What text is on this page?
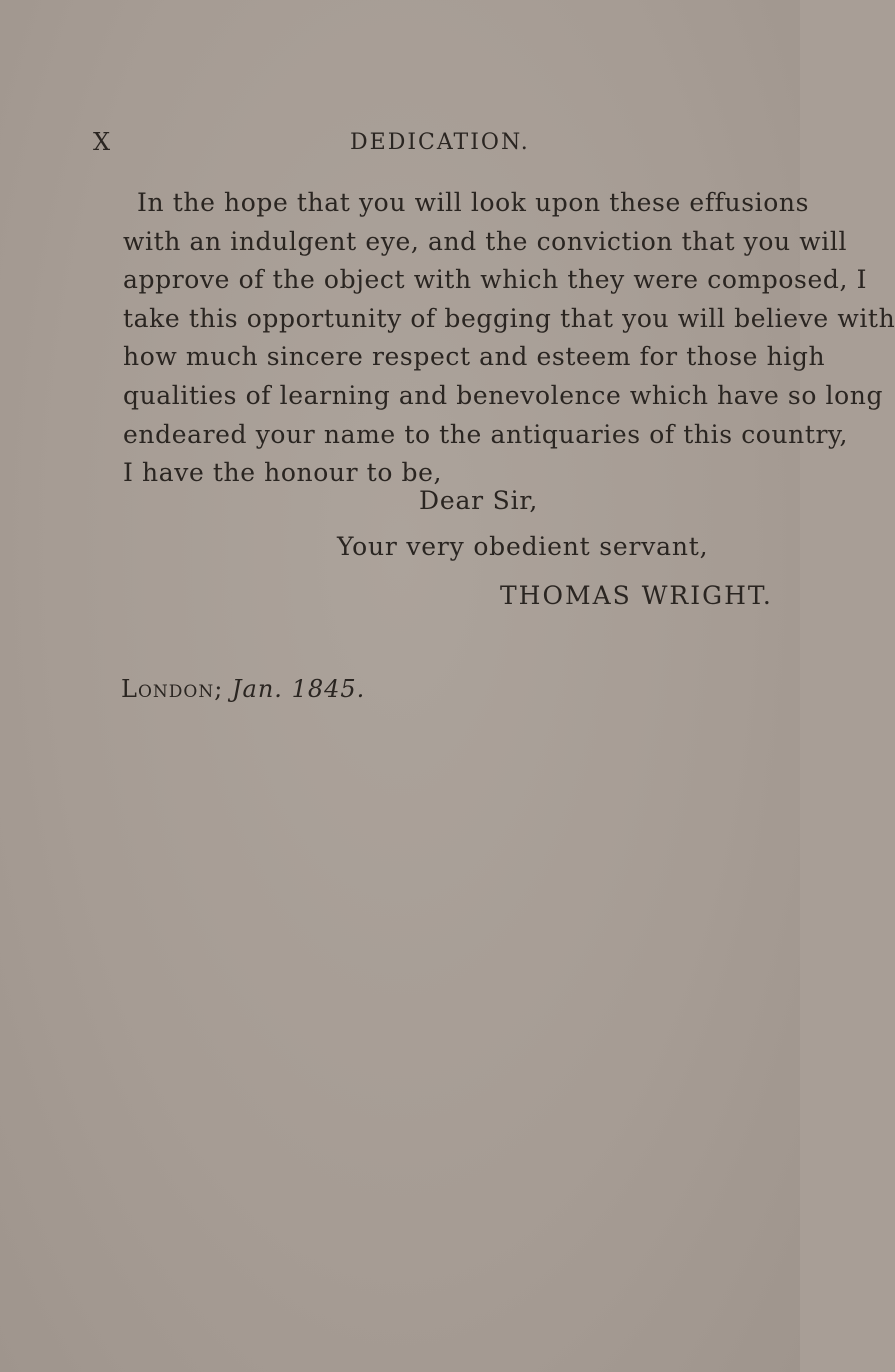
X	DEDICATION.
In the hope that you will look upon these effusions
with an indulgent eye, and the conviction that you will
approve of the object with which they were composed, I
take this opportunity of begging that you will believe with
how much sincere respect and esteem for those high
qualities of learning and benevolence which have so long
endeared your name to the antiquaries of this country,
I have the honour to be,
Dear Sir,
Your very obedient servant,
THOMAS WRIGHT.
London; Jan. 1845.
